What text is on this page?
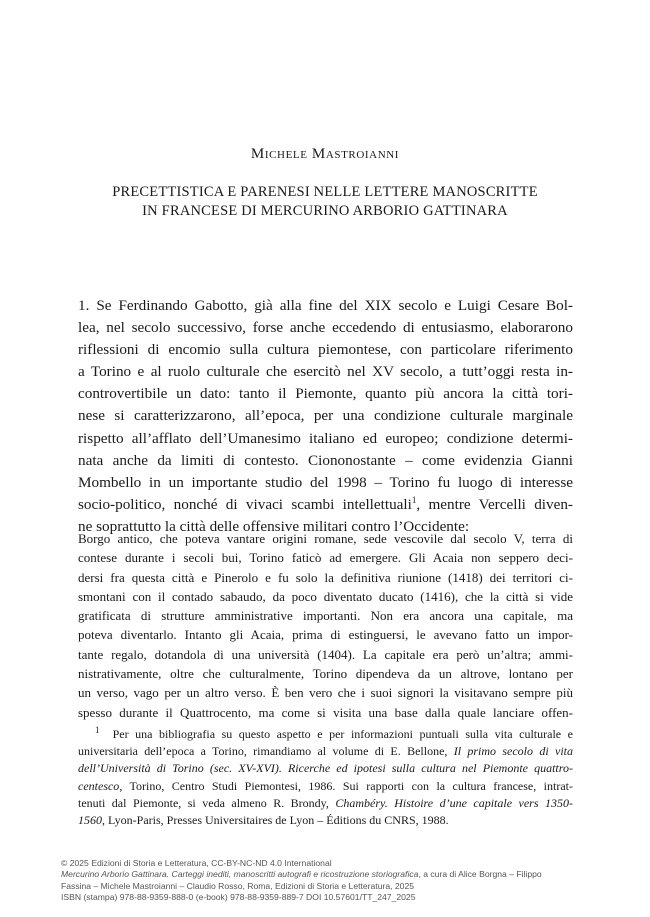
Michele Mastroianni
PRECETTISTICA E PARENESI NELLE LETTERE MANOSCRITTE
IN FRANCESE DI MERCURINO ARBORIO GATTINARA
1. Se Ferdinando Gabotto, già alla fine del XIX secolo e Luigi Cesare Bol-
lea, nel secolo successivo, forse anche eccedendo di entusiasmo, elaborarono
riflessioni di encomio sulla cultura piemontese, con particolare riferimento
a Torino e al ruolo culturale che esercitò nel XV secolo, a tutt’oggi resta in-
controvertibile un dato: tanto il Piemonte, quanto più ancora la città tori-
nese si caratterizzarono, all’epoca, per una condizione culturale marginale
rispetto all’afflato dell’Umanesimo italiano ed europeo; condizione determi-
nata anche da limiti di contesto. Ciononostante – come evidenzia Gianni
Mombello in un importante studio del 1998 – Torino fu luogo di interesse
socio-politico, nonché di vivaci scambi intellettuali$^1$, mentre Vercelli diven-
ne soprattutto la città delle offensive militari contro l’Occidente:
Borgo antico, che poteva vantare origini romane, sede vescovile dal secolo V, terra di
contese durante i secoli bui, Torino faticò ad emergere. Gli Acaia non seppero deci-
dersi fra questa città e Pinerolo e fu solo la definitiva riunione (1418) dei territori ci-
smontani con il contado sabaudo, da poco diventato ducato (1416), che la città si vide
gratificata di strutture amministrative importanti. Non era ancora una capitale, ma
poteva diventarlo. Intanto gli Acaia, prima di estinguersi, le avevano fatto un impor-
tante regalo, dotandola di una università (1404). La capitale era però un’altra; ammi-
nistrativamente, oltre che culturalmente, Torino dipendeva da un altrove, lontano per
un verso, vago per un altro verso. È ben vero che i suoi signori la visitavano sempre più
spesso durante il Quattrocento, ma come si visita una base dalla quale lanciare offen-
$^1$ Per una bibliografia su questo aspetto e per informazioni puntuali sulla vita culturale e
universitaria dell’epoca a Torino, rimandiamo al volume di E. Bellone, Il primo secolo di vita
dell’Università di Torino (sec. XV-XVI). Ricerche ed ipotesi sulla cultura nel Piemonte quattro-
centesco, Torino, Centro Studi Piemontesi, 1986. Sui rapporti con la cultura francese, intrat-
tenuti dal Piemonte, si veda almeno R. Brondy, Chambéry. Histoire d’une capitale vers 1350-
1560, Lyon-Paris, Presses Universitaires de Lyon – Éditions du CNRS, 1988.
© 2025 Edizioni di Storia e Letteratura, CC-BY-NC-ND 4.0 International
Mercurino Arborio Gattinara. Carteggi inediti, manoscritti autografi e ricostruzione storiografica, a cura di Alice Borgna – Filippo
Fassina – Michele Mastroianni – Claudio Rosso, Roma, Edizioni di Storia e Letteratura, 2025
ISBN (stampa) 978-88-9359-888-0 (e-book) 978-88-9359-889-7 DOI 10.57601/TT_247_2025
